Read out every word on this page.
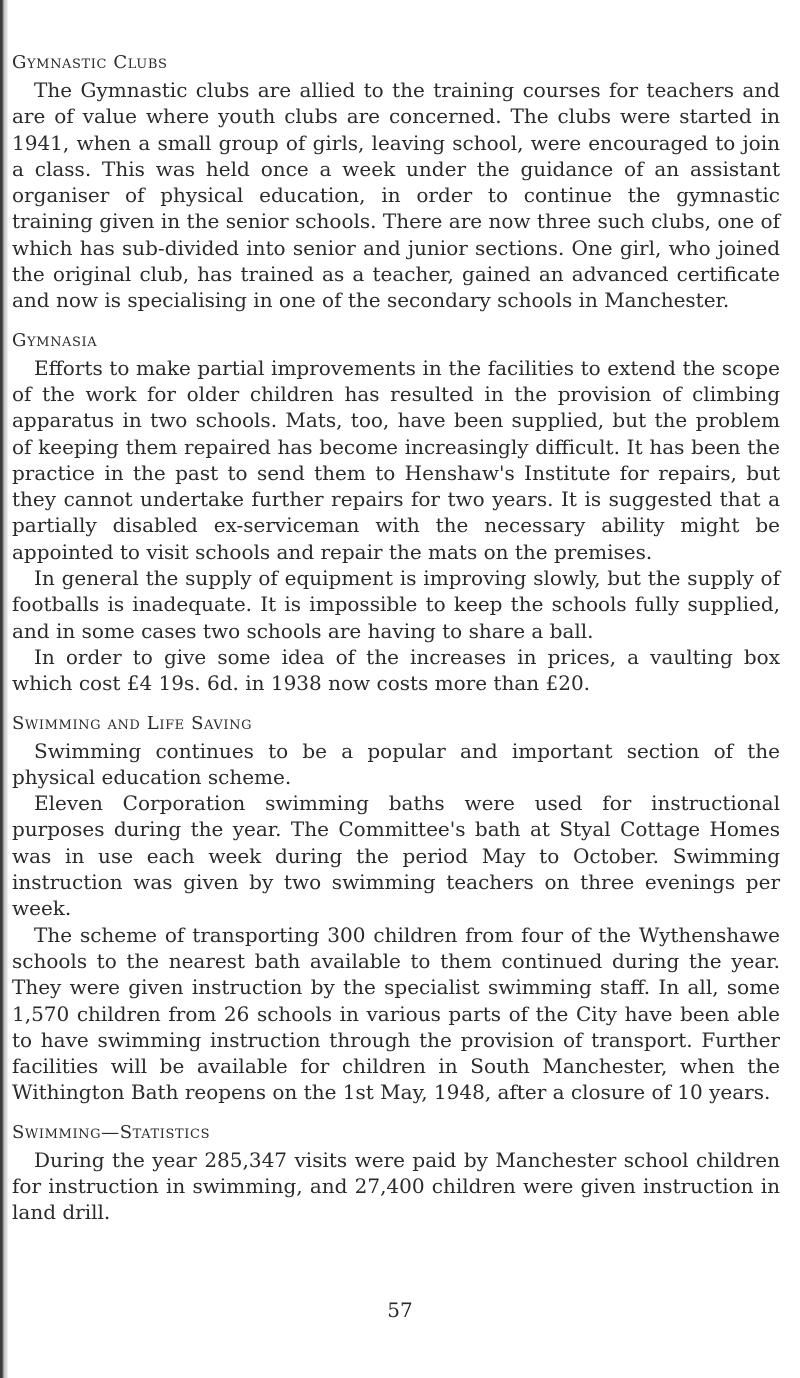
Gymnastic Clubs

The Gymnastic clubs are allied to the training courses for teachers and are of value where youth clubs are concerned. The clubs were started in 1941, when a small group of girls, leaving school, were encouraged to join a class. This was held once a week under the guidance of an assistant organiser of physical education, in order to continue the gymnastic training given in the senior schools. There are now three such clubs, one of which has sub-divided into senior and junior sections. One girl, who joined the original club, has trained as a teacher, gained an advanced certificate and now is specialising in one of the secondary schools in Manchester.

Gymnasia

Efforts to make partial improvements in the facilities to extend the scope of the work for older children has resulted in the provision of climbing apparatus in two schools. Mats, too, have been supplied, but the problem of keeping them repaired has become increasingly difficult. It has been the practice in the past to send them to Henshaw's Institute for repairs, but they cannot undertake further repairs for two years. It is suggested that a partially disabled ex-serviceman with the necessary ability might be appointed to visit schools and repair the mats on the premises.

In general the supply of equipment is improving slowly, but the supply of footballs is inadequate. It is impossible to keep the schools fully supplied, and in some cases two schools are having to share a ball.

In order to give some idea of the increases in prices, a vaulting box which cost £4 19s. 6d. in 1938 now costs more than £20.

Swimming and Life Saving

Swimming continues to be a popular and important section of the physical education scheme.

Eleven Corporation swimming baths were used for instructional purposes during the year. The Committee's bath at Styal Cottage Homes was in use each week during the period May to October. Swimming instruction was given by two swimming teachers on three evenings per week.

The scheme of transporting 300 children from four of the Wythenshawe schools to the nearest bath available to them continued during the year. They were given instruction by the specialist swimming staff. In all, some 1,570 children from 26 schools in various parts of the City have been able to have swimming instruction through the provision of transport. Further facilities will be available for children in South Manchester, when the Withington Bath reopens on the 1st May, 1948, after a closure of 10 years.

Swimming—Statistics

During the year 285,347 visits were paid by Manchester school children for instruction in swimming, and 27,400 children were given instruction in land drill.

57
